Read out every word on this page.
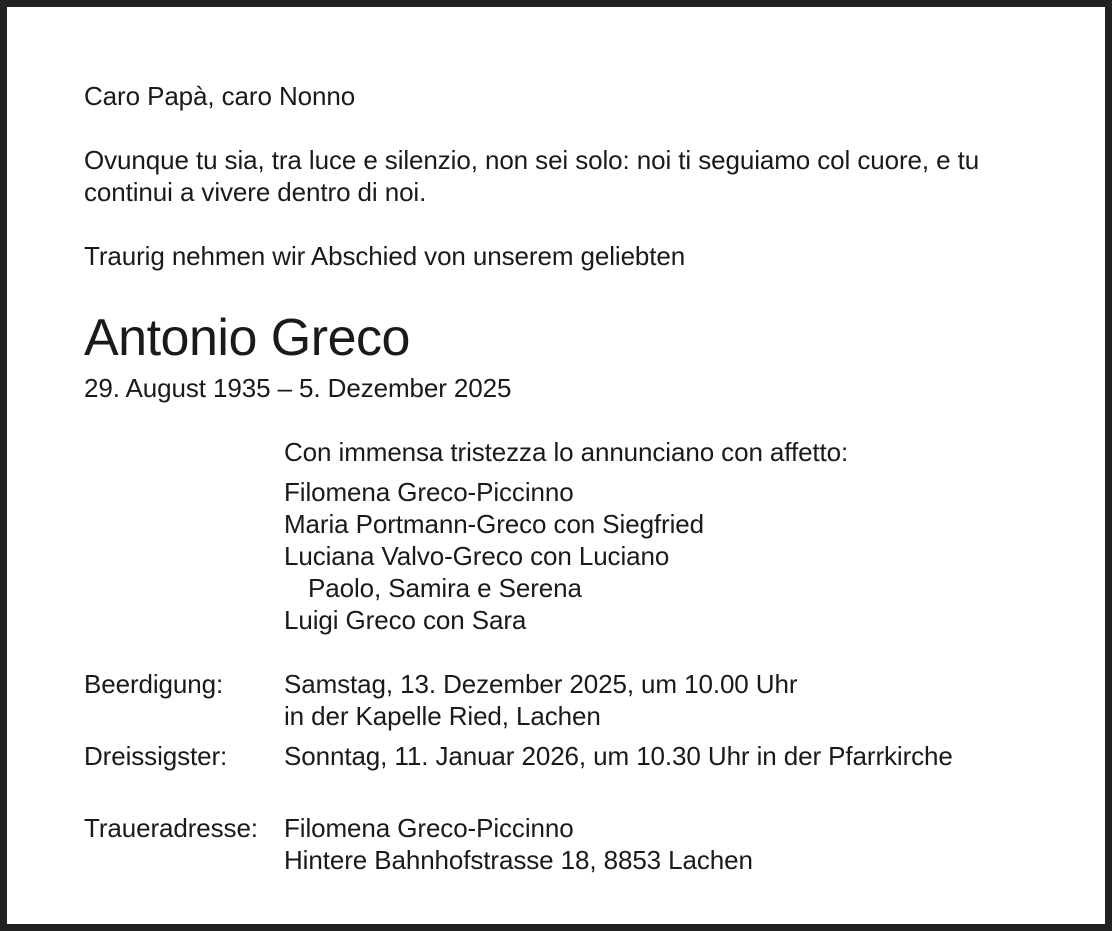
Caro Papà, caro Nonno
Ovunque tu sia, tra luce e silenzio, non sei solo: noi ti seguiamo col cuore, e tu
continui a vivere dentro di noi.
Traurig nehmen wir Abschied von unserem geliebten
Antonio Greco
29. August 1935 – 5. Dezember 2025
Con immensa tristezza lo annunciano con affetto:
Filomena Greco-Piccinno
Maria Portmann-Greco con Siegfried
Luciana Valvo-Greco con Luciano
Paolo, Samira e Serena
Luigi Greco con Sara
Beerdigung: Samstag, 13. Dezember 2025, um 10.00 Uhr
in der Kapelle Ried, Lachen
Dreissigster: Sonntag, 11. Januar 2026, um 10.30 Uhr in der Pfarrkirche
Traueradresse: Filomena Greco-Piccinno
Hintere Bahnhofstrasse 18, 8853 Lachen
